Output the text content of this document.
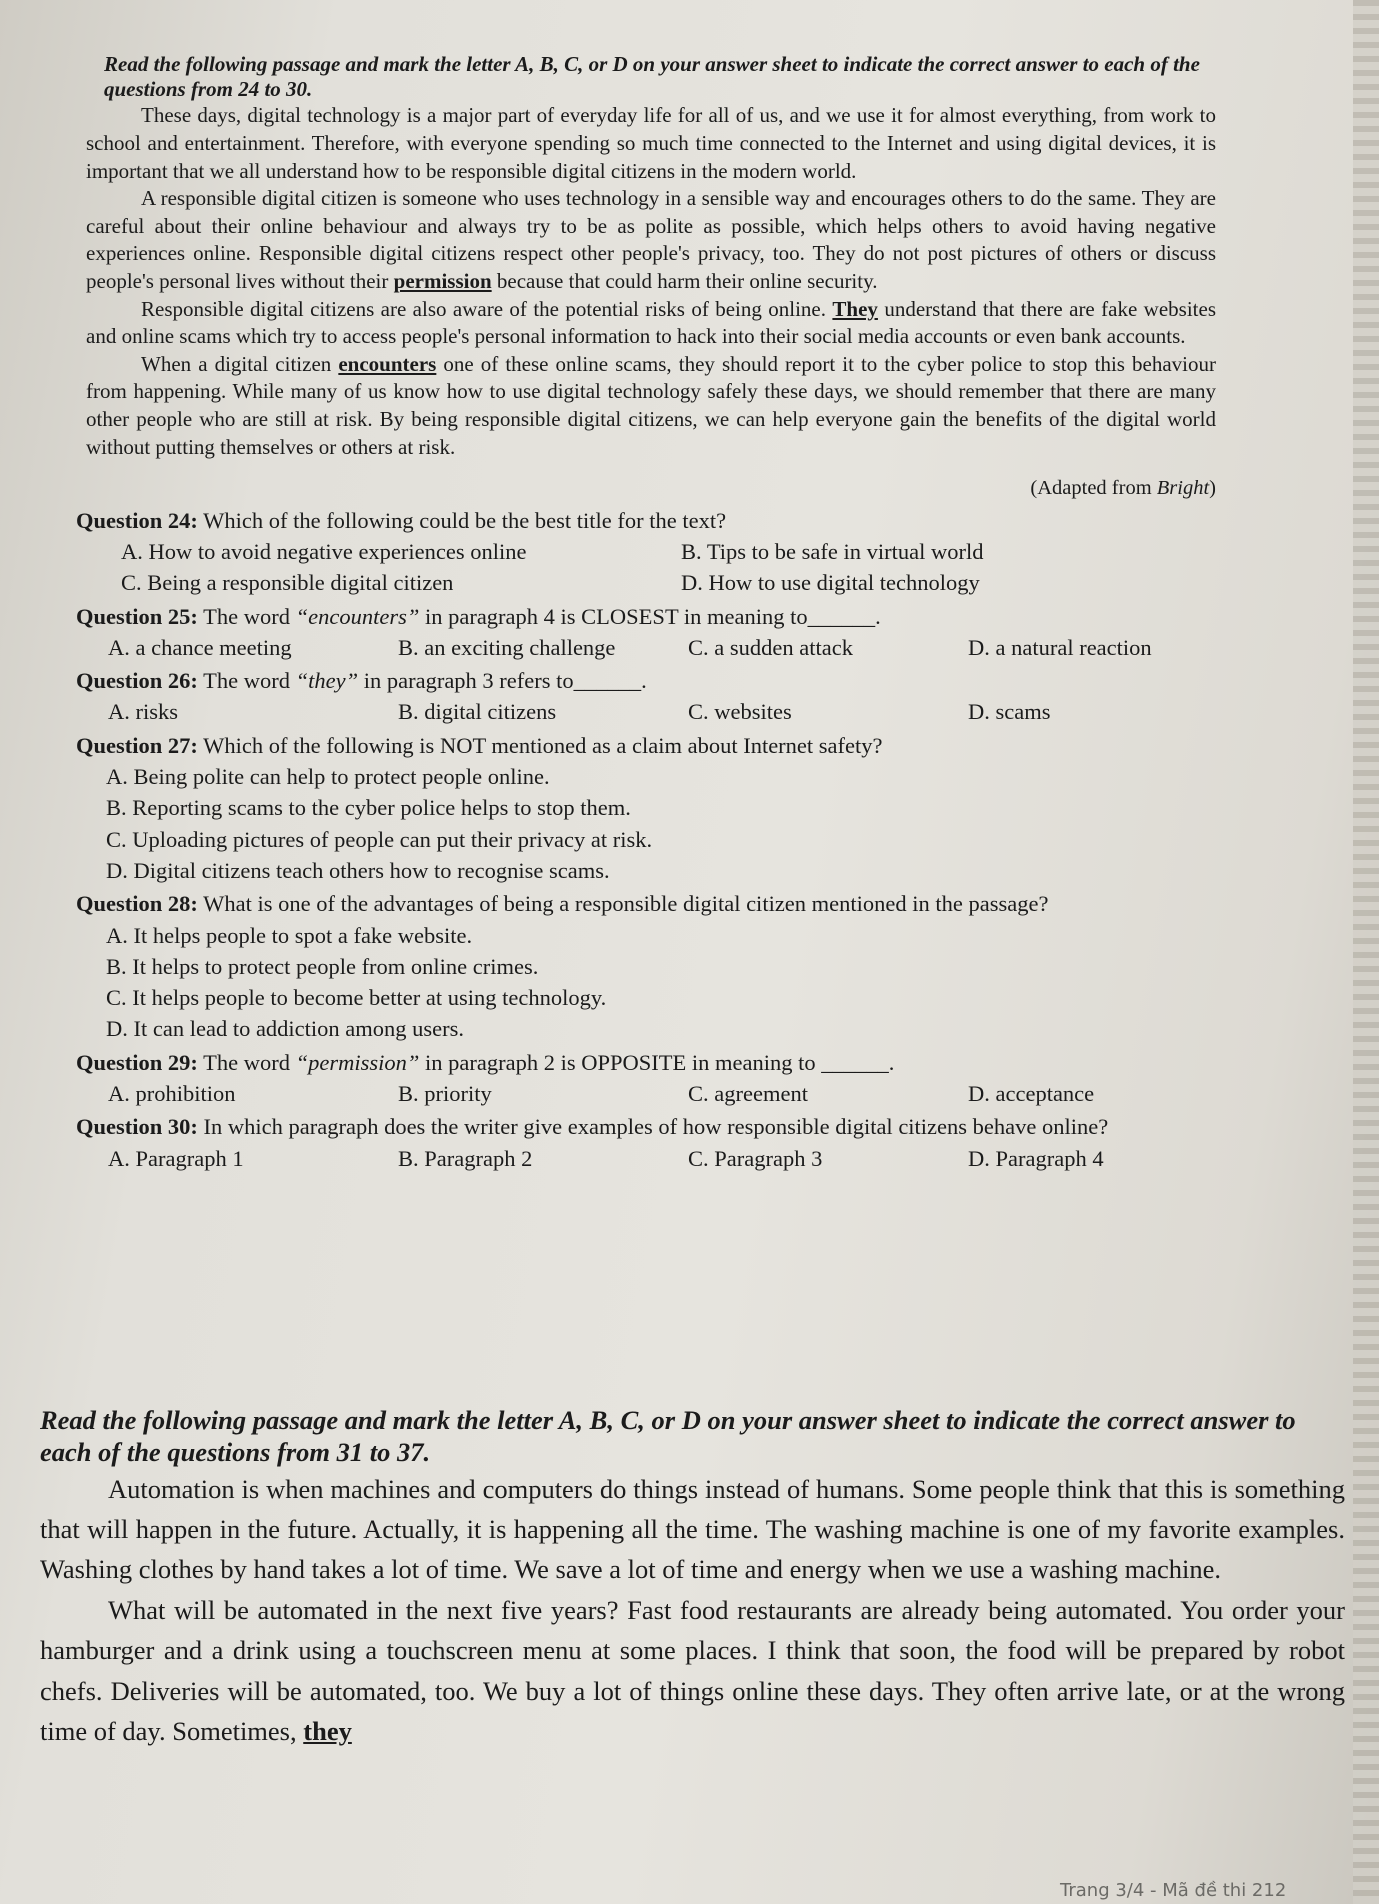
Read the following passage and mark the letter A, B, C, or D on your answer sheet to indicate the correct answer to each of the questions from 24 to 30.

These days, digital technology is a major part of everyday life for all of us, and we use it for almost everything, from work to school and entertainment. Therefore, with everyone spending so much time connected to the Internet and using digital devices, it is important that we all understand how to be responsible digital citizens in the modern world.

A responsible digital citizen is someone who uses technology in a sensible way and encourages others to do the same. They are careful about their online behaviour and always try to be as polite as possible, which helps others to avoid having negative experiences online. Responsible digital citizens respect other people's privacy, too. They do not post pictures of others or discuss people's personal lives without their permission because that could harm their online security.

Responsible digital citizens are also aware of the potential risks of being online. They understand that there are fake websites and online scams which try to access people's personal information to hack into their social media accounts or even bank accounts.

When a digital citizen encounters one of these online scams, they should report it to the cyber police to stop this behaviour from happening. While many of us know how to use digital technology safely these days, we should remember that there are many other people who are still at risk. By being responsible digital citizens, we can help everyone gain the benefits of the digital world without putting themselves or others at risk.

(Adapted from Bright)

Question 24: Which of the following could be the best title for the text?

A. How to avoid negative experiences online	B. Tips to be safe in virtual world
C. Being a responsible digital citizen	D. How to use digital technology

Question 25: The word “encounters” in paragraph 4 is CLOSEST in meaning to______.

A. a chance meeting	B. an exciting challenge	C. a sudden attack	D. a natural reaction

Question 26: The word “they” in paragraph 3 refers to______.

A. risks	B. digital citizens	C. websites	D. scams

Question 27: Which of the following is NOT mentioned as a claim about Internet safety?

A. Being polite can help to protect people online.
B. Reporting scams to the cyber police helps to stop them.
C. Uploading pictures of people can put their privacy at risk.
D. Digital citizens teach others how to recognise scams.

Question 28: What is one of the advantages of being a responsible digital citizen mentioned in the passage?

A. It helps people to spot a fake website.
B. It helps to protect people from online crimes.
C. It helps people to become better at using technology.
D. It can lead to addiction among users.

Question 29: The word “permission” in paragraph 2 is OPPOSITE in meaning to ______.

A. prohibition	B. priority	C. agreement	D. acceptance

Question 30: In which paragraph does the writer give examples of how responsible digital citizens behave online?

A. Paragraph 1	B. Paragraph 2	C. Paragraph 3	D. Paragraph 4

Read the following passage and mark the letter A, B, C, or D on your answer sheet to indicate the correct answer to each of the questions from 31 to 37.

Automation is when machines and computers do things instead of humans. Some people think that this is something that will happen in the future. Actually, it is happening all the time. The washing machine is one of my favorite examples. Washing clothes by hand takes a lot of time. We save a lot of time and energy when we use a washing machine.

What will be automated in the next five years? Fast food restaurants are already being automated. You order your hamburger and a drink using a touchscreen menu at some places. I think that soon, the food will be prepared by robot chefs. Deliveries will be automated, too. We buy a lot of things online these days. They often arrive late, or at the wrong time of day. Sometimes, they

Trang 3/4 - Mã đề thi 212
